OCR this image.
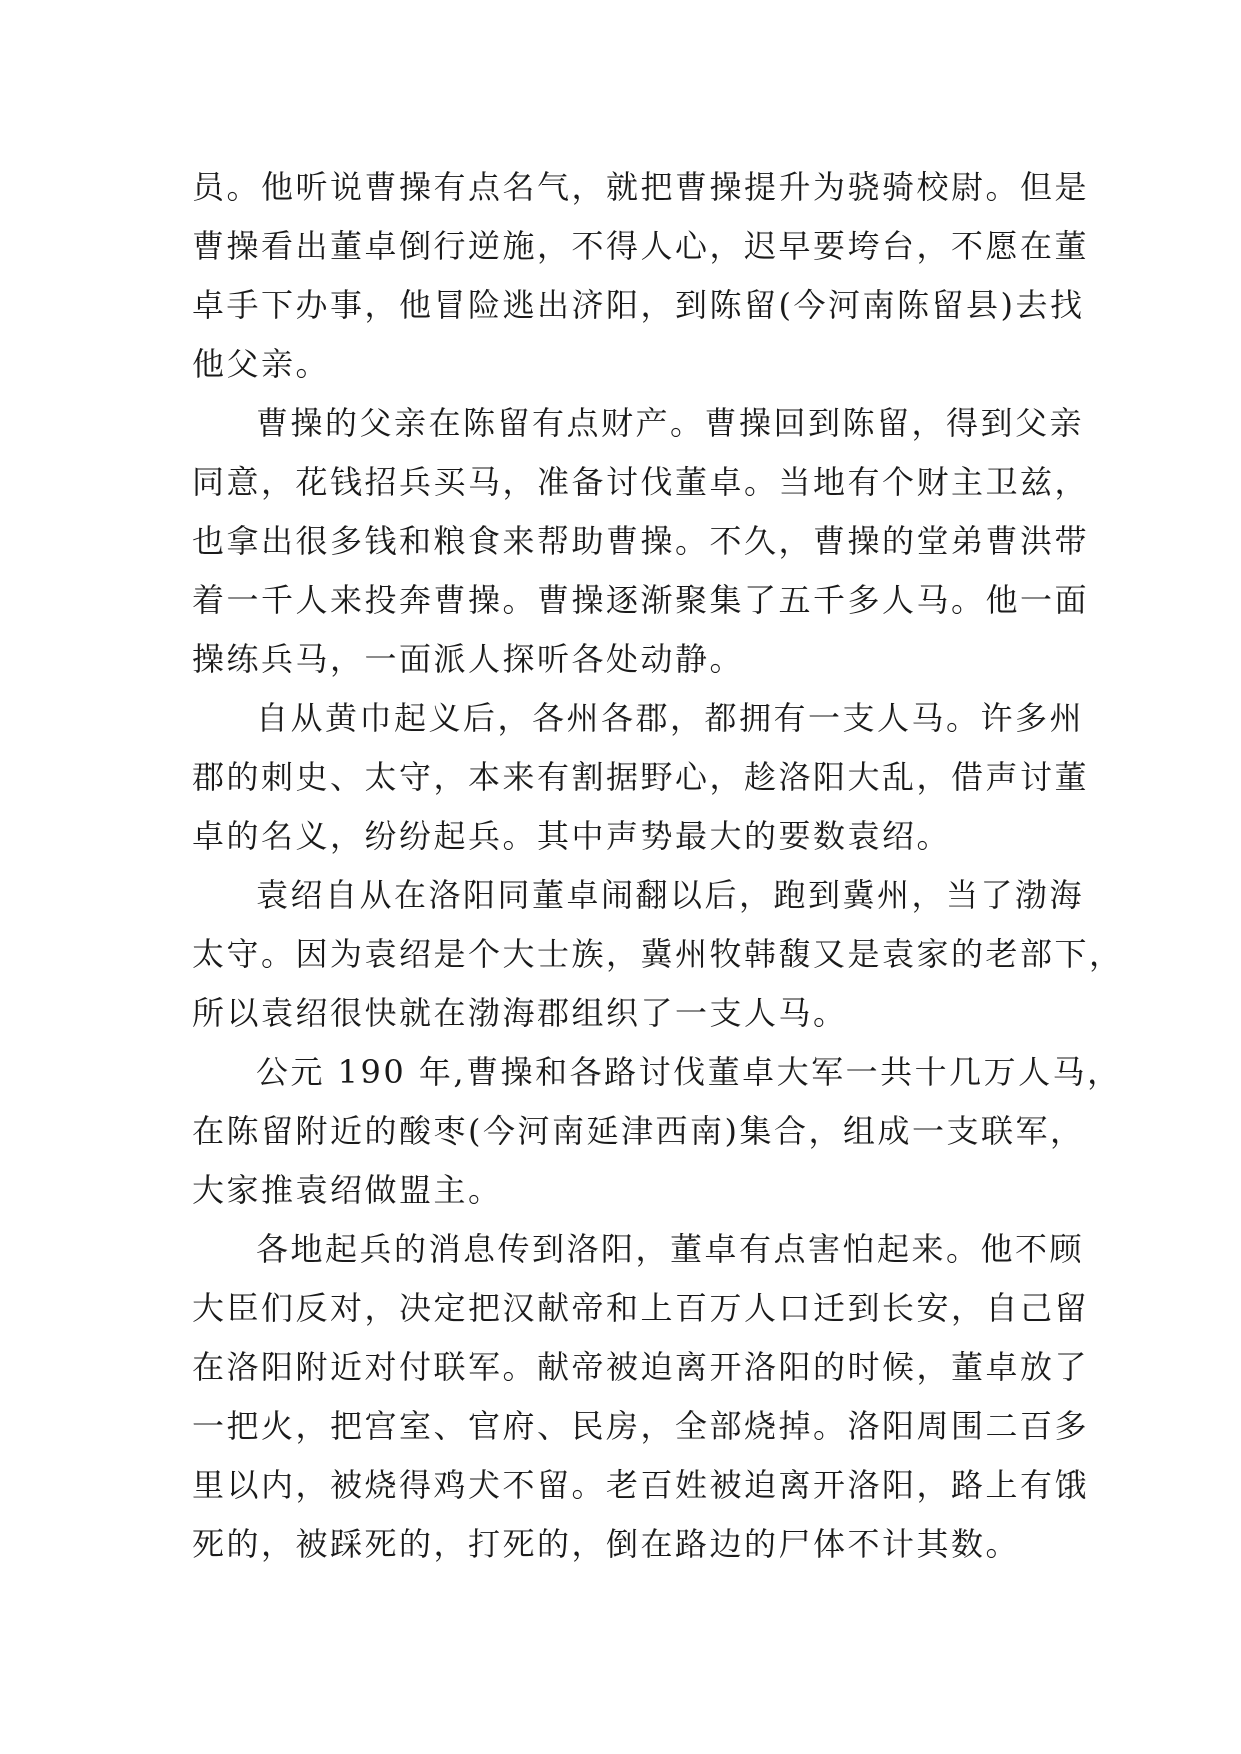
员。他听说曹操有点名气，就把曹操提升为骁骑校尉。但是
曹操看出董卓倒行逆施，不得人心，迟早要垮台，不愿在董
卓手下办事，他冒险逃出济阳，到陈留(今河南陈留县)去找
他父亲。
曹操的父亲在陈留有点财产。曹操回到陈留，得到父亲
同意，花钱招兵买马，准备讨伐董卓。当地有个财主卫兹，
也拿出很多钱和粮食来帮助曹操。不久，曹操的堂弟曹洪带
着一千人来投奔曹操。曹操逐渐聚集了五千多人马。他一面
操练兵马，一面派人探听各处动静。
自从黄巾起义后，各州各郡，都拥有一支人马。许多州
郡的刺史、太守，本来有割据野心，趁洛阳大乱，借声讨董
卓的名义，纷纷起兵。其中声势最大的要数袁绍。
袁绍自从在洛阳同董卓闹翻以后，跑到冀州，当了渤海
太守。因为袁绍是个大士族，冀州牧韩馥又是袁家的老部下，
所以袁绍很快就在渤海郡组织了一支人马。
公元 190 年,曹操和各路讨伐董卓大军一共十几万人马，
在陈留附近的酸枣(今河南延津西南)集合，组成一支联军，
大家推袁绍做盟主。
各地起兵的消息传到洛阳，董卓有点害怕起来。他不顾
大臣们反对，决定把汉献帝和上百万人口迁到长安，自己留
在洛阳附近对付联军。献帝被迫离开洛阳的时候，董卓放了
一把火，把宫室、官府、民房，全部烧掉。洛阳周围二百多
里以内，被烧得鸡犬不留。老百姓被迫离开洛阳，路上有饿
死的，被踩死的，打死的，倒在路边的尸体不计其数。
